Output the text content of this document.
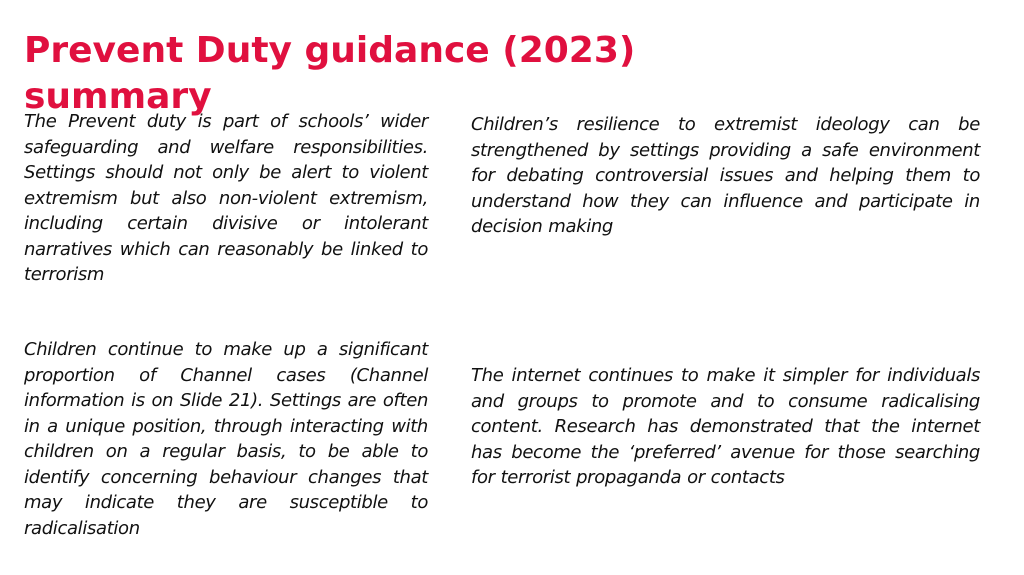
Prevent Duty guidance (2023) summary

The Prevent duty is part of schools’ wider safeguarding and welfare responsibilities. Settings should not only be alert to violent extremism but also non-violent extremism, including certain divisive or intolerant narratives which can reasonably be linked to terrorism

Children’s resilience to extremist ideology can be strengthened by settings providing a safe environment for debating controversial issues and helping them to understand how they can influence and participate in decision making

Children continue to make up a significant proportion of Channel cases (Channel information is on Slide 21). Settings are often in a unique position, through interacting with children on a regular basis, to be able to identify concerning behaviour changes that may indicate they are susceptible to radicalisation

The internet continues to make it simpler for individuals and groups to promote and to consume radicalising content. Research has demonstrated that the internet has become the ‘preferred’ avenue for those searching for terrorist propaganda or contacts
